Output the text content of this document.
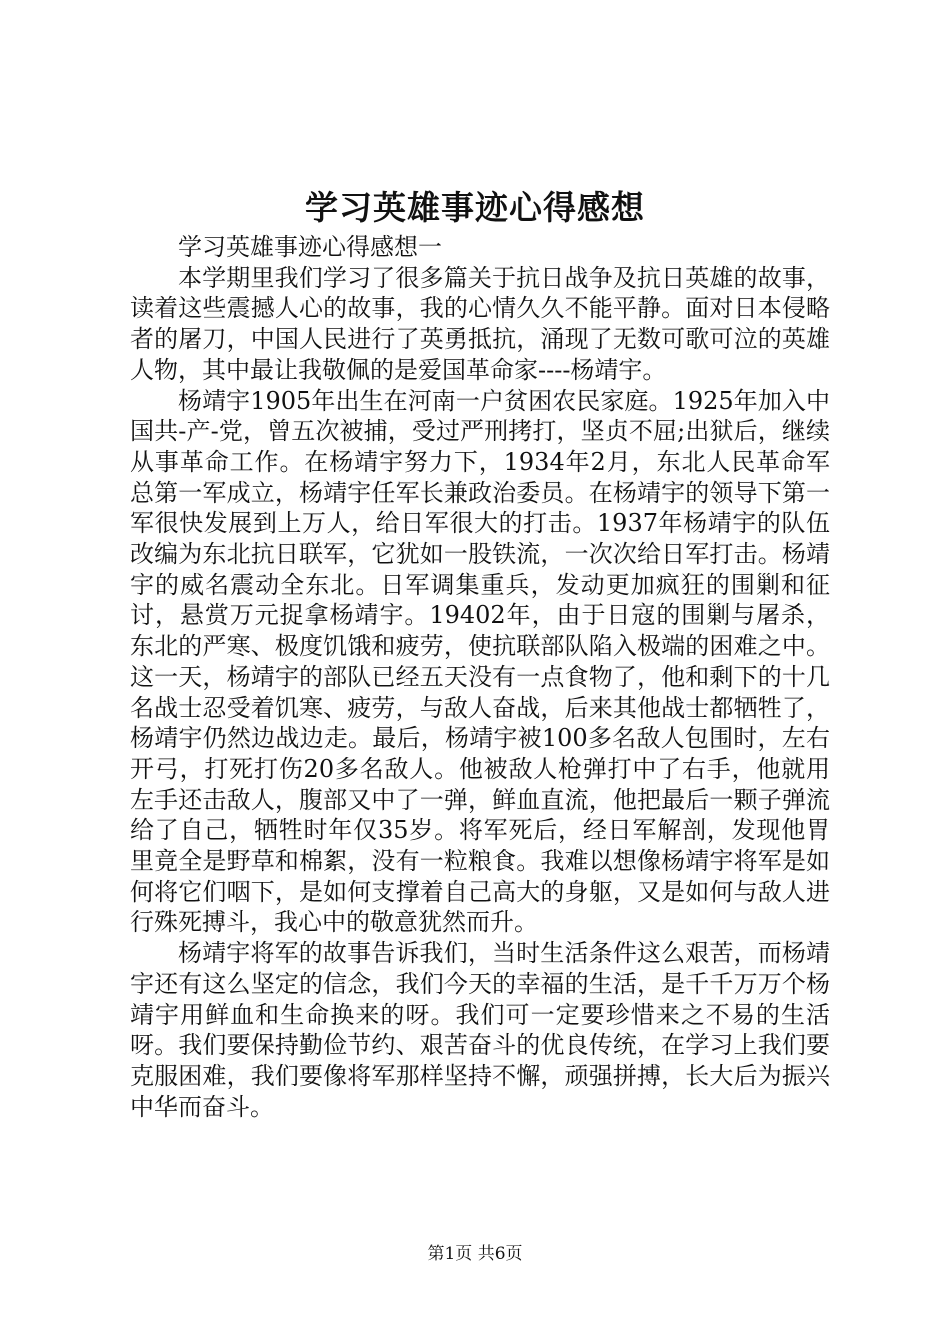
学习英雄事迹心得感想

学习英雄事迹心得感想一

本学期里我们学习了很多篇关于抗日战争及抗日英雄的故事，读着这些震撼人心的故事，我的心情久久不能平静。面对日本侵略者的屠刀，中国人民进行了英勇抵抗，涌现了无数可歌可泣的英雄人物，其中最让我敬佩的是爱国革命家----杨靖宇。

杨靖宇1905年出生在河南一户贫困农民家庭。1925年加入中国共-产-党，曾五次被捕，受过严刑拷打，坚贞不屈;出狱后，继续从事革命工作。在杨靖宇努力下，1934年2月，东北人民革命军总第一军成立，杨靖宇任军长兼政治委员。在杨靖宇的领导下第一军很快发展到上万人，给日军很大的打击。1937年杨靖宇的队伍改编为东北抗日联军，它犹如一股铁流，一次次给日军打击。杨靖宇的威名震动全东北。日军调集重兵，发动更加疯狂的围剿和征讨，悬赏万元捉拿杨靖宇。19402年，由于日寇的围剿与屠杀，东北的严寒、极度饥饿和疲劳，使抗联部队陷入极端的困难之中。这一天，杨靖宇的部队已经五天没有一点食物了，他和剩下的十几名战士忍受着饥寒、疲劳，与敌人奋战，后来其他战士都牺牲了，杨靖宇仍然边战边走。最后，杨靖宇被100多名敌人包围时，左右开弓，打死打伤20多名敌人。他被敌人枪弹打中了右手，他就用左手还击敌人，腹部又中了一弹，鲜血直流，他把最后一颗子弹流给了自己，牺牲时年仅35岁。将军死后，经日军解剖，发现他胃里竟全是野草和棉絮，没有一粒粮食。我难以想像杨靖宇将军是如何将它们咽下，是如何支撑着自己高大的身躯，又是如何与敌人进行殊死搏斗，我心中的敬意犹然而升。

杨靖宇将军的故事告诉我们，当时生活条件这么艰苦，而杨靖宇还有这么坚定的信念，我们今天的幸福的生活，是千千万万个杨靖宇用鲜血和生命换来的呀。我们可一定要珍惜来之不易的生活呀。我们要保持勤俭节约、艰苦奋斗的优良传统，在学习上我们要克服困难，我们要像将军那样坚持不懈，顽强拼搏，长大后为振兴中华而奋斗。

第1页 共6页
